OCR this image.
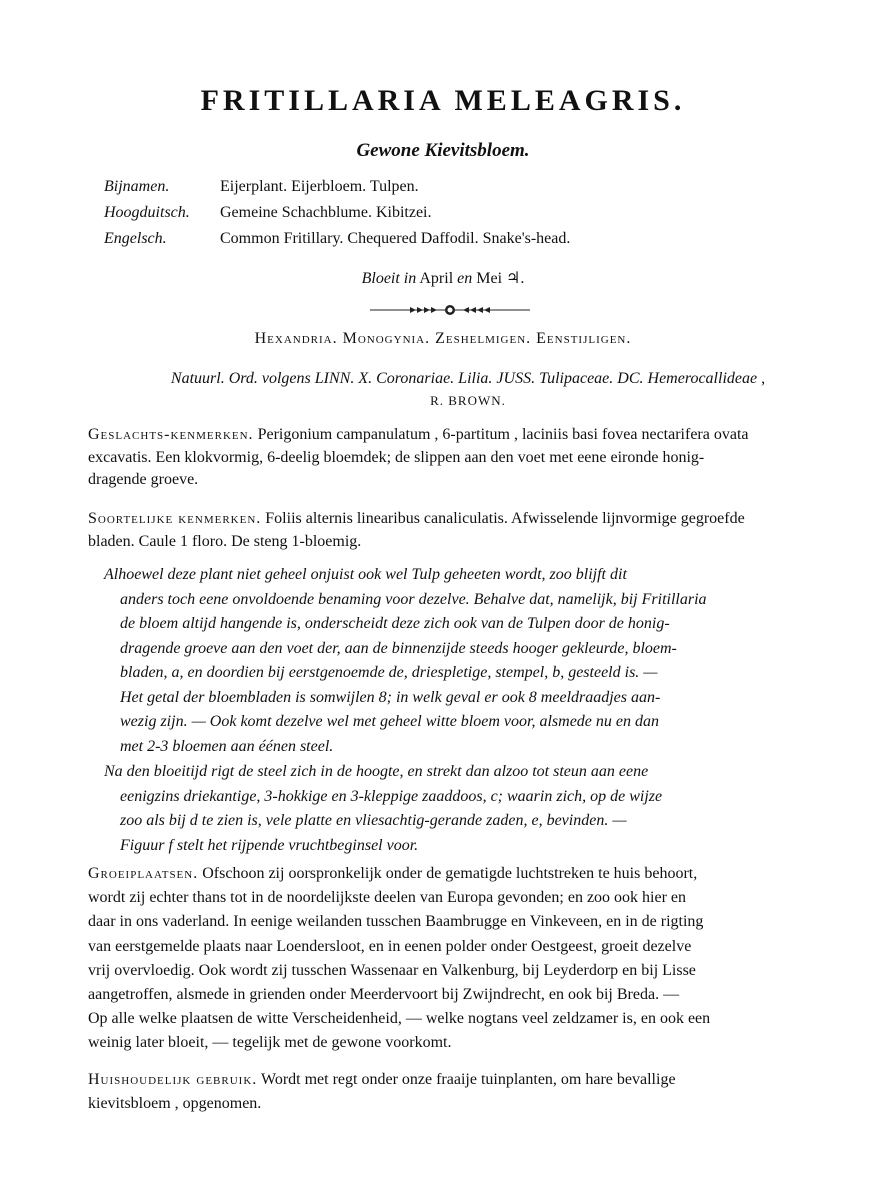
FRITILLARIA MELEAGRIS.
Gewone Kievitsbloem.
Bijnamen.	Eijerplant. Eijerbloem. Tulpen.
Hoogduitsch. Gemeine Schachblume. Kibitzei.
Engelsch.	Common Fritillary. Chequered Daffodil. Snake's-head.
Bloeit in April en Mei ♃.
Hexandria. Monogynia. Zeshelmigen. Eenstijligen.
Natuurl. Ord. volgens LINN. X. Coronariae. Lilia. JUSS. Tulipaceae. DC. Hemerocallideae ,
R. BROWN.
Geslachts-kenmerken. Perigonium campanulatum , 6-partitum , laciniis basi fovea nectarifera ovata
excavatis. Een klokvormig, 6-deelig bloemdek; de slippen aan den voet met eene eironde honig-
dragende groeve.
Soortelijke kenmerken. Foliis alternis linearibus canaliculatis. Afwisselende lijnvormige gegroefde
bladen. Caule 1 floro. De steng 1-bloemig.
Alhoewel deze plant niet geheel onjuist ook wel Tulp geheeten wordt, zoo blijft dit
anders toch eene onvoldoende benaming voor dezelve. Behalve dat, namelijk, bij Fritillaria
de bloem altijd hangende is, onderscheidt deze zich ook van de Tulpen door de honig-
dragende groeve aan den voet der, aan de binnenzijde steeds hooger gekleurde, bloem-
bladen, a, en doordien bij eerstgenoemde de, driespletige, stempel, b, gesteeld is. —
Het getal der bloembladen is somwijlen 8; in welk geval er ook 8 meeldraadjes aan-
wezig zijn. — Ook komt dezelve wel met geheel witte bloem voor, alsmede nu en dan
met 2-3 bloemen aan éénen steel.
Na den bloeitijd rigt de steel zich in de hoogte, en strekt dan alzoo tot steun aan eene
eenigzins driekantige, 3-hokkige en 3-kleppige zaaddoos, c; waarin zich, op de wijze
zoo als bij d te zien is, vele platte en vliesachtig-gerande zaden, e, bevinden. —
Figuur f stelt het rijpende vruchtbeginsel voor.
Groeiplaatsen. Ofschoon zij oorspronkelijk onder de gematigde luchtstreken te huis behoort,
wordt zij echter thans tot in de noordelijkste deelen van Europa gevonden; en zoo ook hier en
daar in ons vaderland. In eenige weilanden tusschen Baambrugge en Vinkeveen, en in de rigting
van eerstgemelde plaats naar Loendersloot, en in eenen polder onder Oestgeest, groeit dezelve
vrij overvloedig. Ook wordt zij tusschen Wassenaar en Valkenburg, bij Leyderdorp en bij Lisse
aangetroffen, alsmede in grienden onder Meerdervoort bij Zwijndrecht, en ook bij Breda. —
Op alle welke plaatsen de witte Verscheidenheid, — welke nogtans veel zeldzamer is, en ook een
weinig later bloeit, — tegelijk met de gewone voorkomt.
Huishoudelijk gebruik. Wordt met regt onder onze fraaije tuinplanten, om hare bevallige
kievitsbloem , opgenomen.
